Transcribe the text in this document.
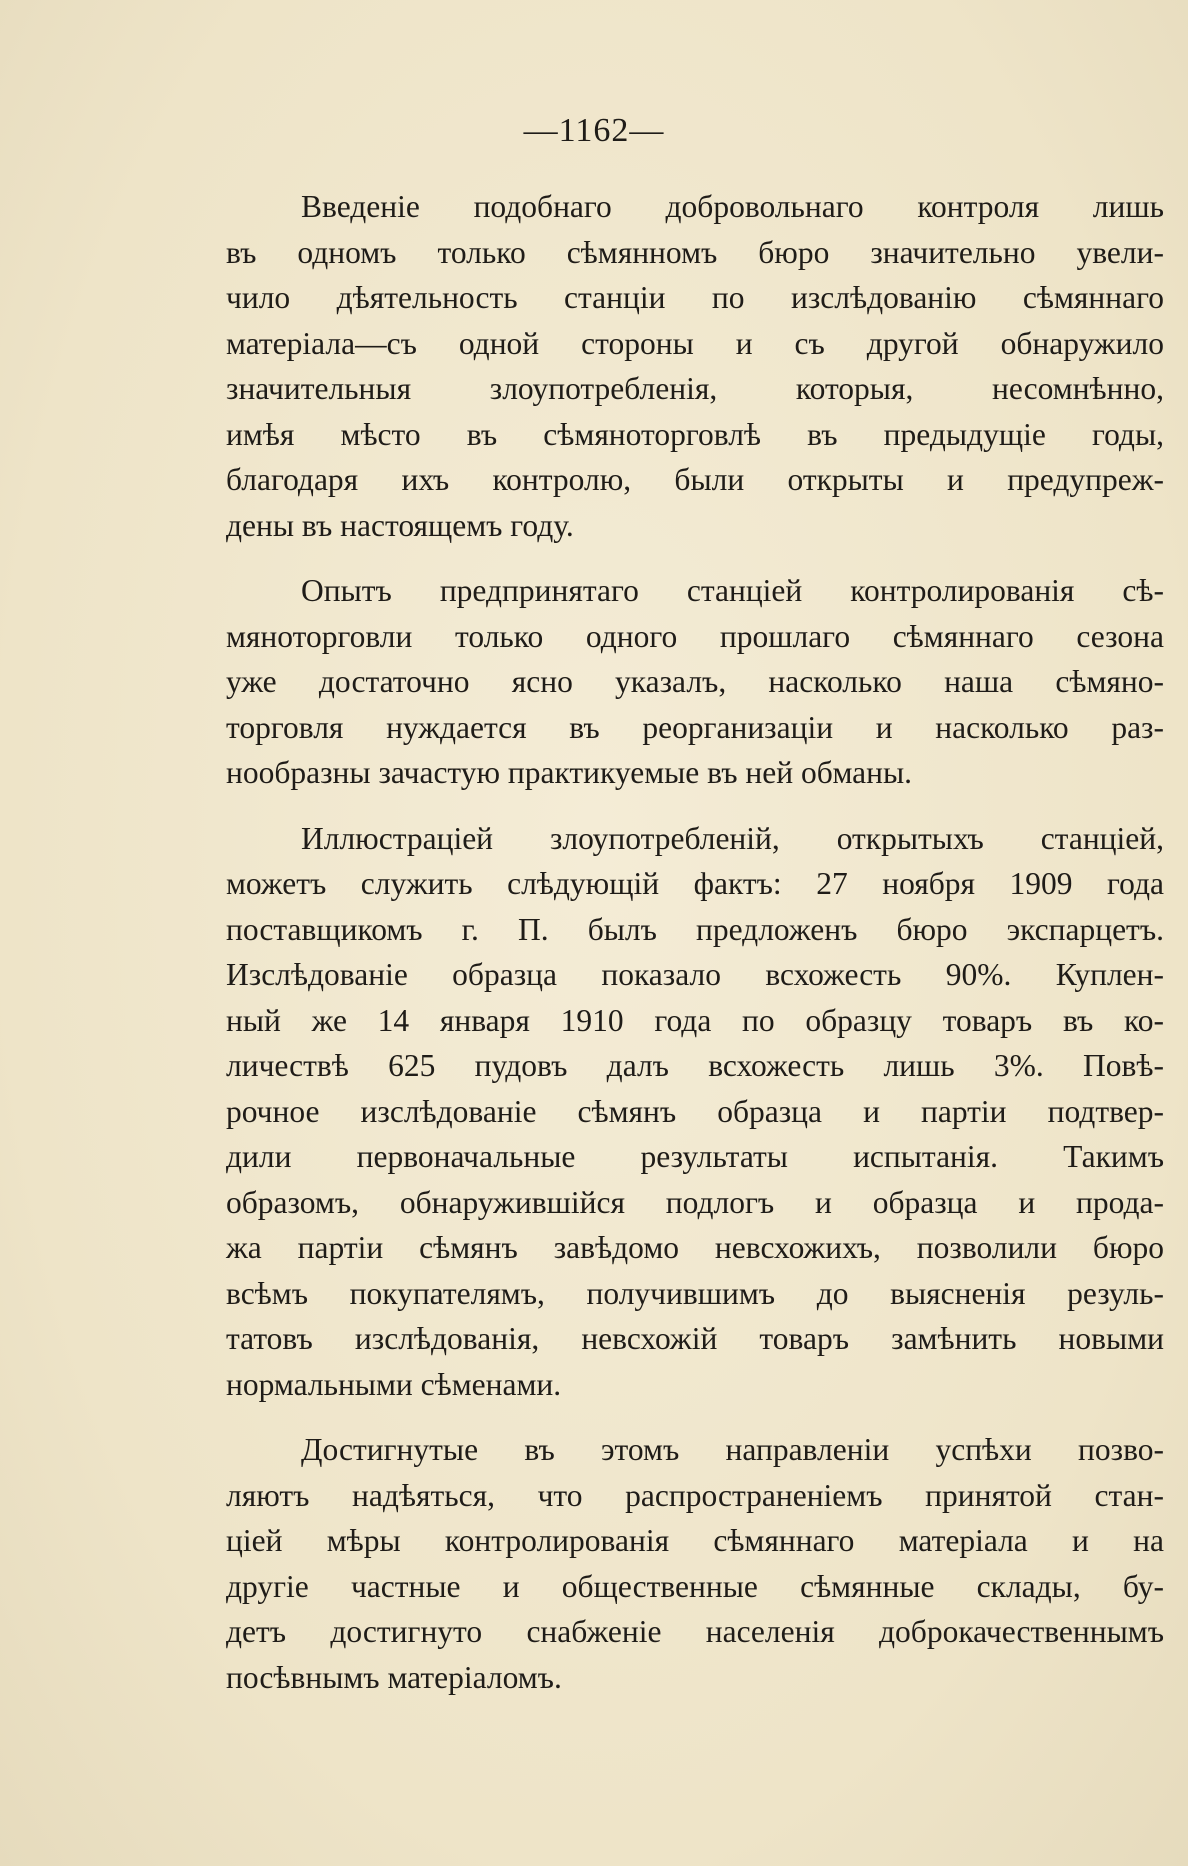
—1162—
Введеніе подобнаго добровольнаго контроля лишь
въ одномъ только сѣмянномъ бюро значительно увели-
чило дѣятельность станціи по изслѣдованію сѣмяннаго
матеріала—съ одной стороны и съ другой обнаружило
значительныя злоупотребленія, которыя, несомнѣнно,
имѣя мѣсто въ сѣмяноторговлѣ въ предыдущіе годы,
благодаря ихъ контролю, были открыты и предупреж-
дены въ настоящемъ году.
Опытъ предпринятаго станціей контролированія сѣ-
мяноторговли только одного прошлаго сѣмяннаго сезона
уже достаточно ясно указалъ, насколько наша сѣмяно-
торговля нуждается въ реорганизаціи и насколько раз-
нообразны зачастую практикуемые въ ней обманы.
Иллюстраціей злоупотребленій, открытыхъ станціей,
можетъ служить слѣдующій фактъ: 27 ноября 1909 года
поставщикомъ г. П. былъ предложенъ бюро экспарцетъ.
Изслѣдованіе образца показало всхожесть 90%. Куплен-
ный же 14 января 1910 года по образцу товаръ въ ко-
личествѣ 625 пудовъ далъ всхожесть лишь 3%. Повѣ-
рочное изслѣдованіе сѣмянъ образца и партіи подтвер-
дили первоначальные результаты испытанія. Такимъ
образомъ, обнаружившійся подлогъ и образца и прода-
жа партіи сѣмянъ завѣдомо невсхожихъ, позволили бюро
всѣмъ покупателямъ, получившимъ до выясненія резуль-
татовъ изслѣдованія, невсхожій товаръ замѣнить новыми
нормальными сѣменами.
Достигнутые въ этомъ направленіи успѣхи позво-
ляютъ надѣяться, что распространеніемъ принятой стан-
ціей мѣры контролированія сѣмяннаго матеріала и на
другіе частные и общественные сѣмянные склады, бу-
детъ достигнуто снабженіе населенія доброкачественнымъ
посѣвнымъ матеріаломъ.
